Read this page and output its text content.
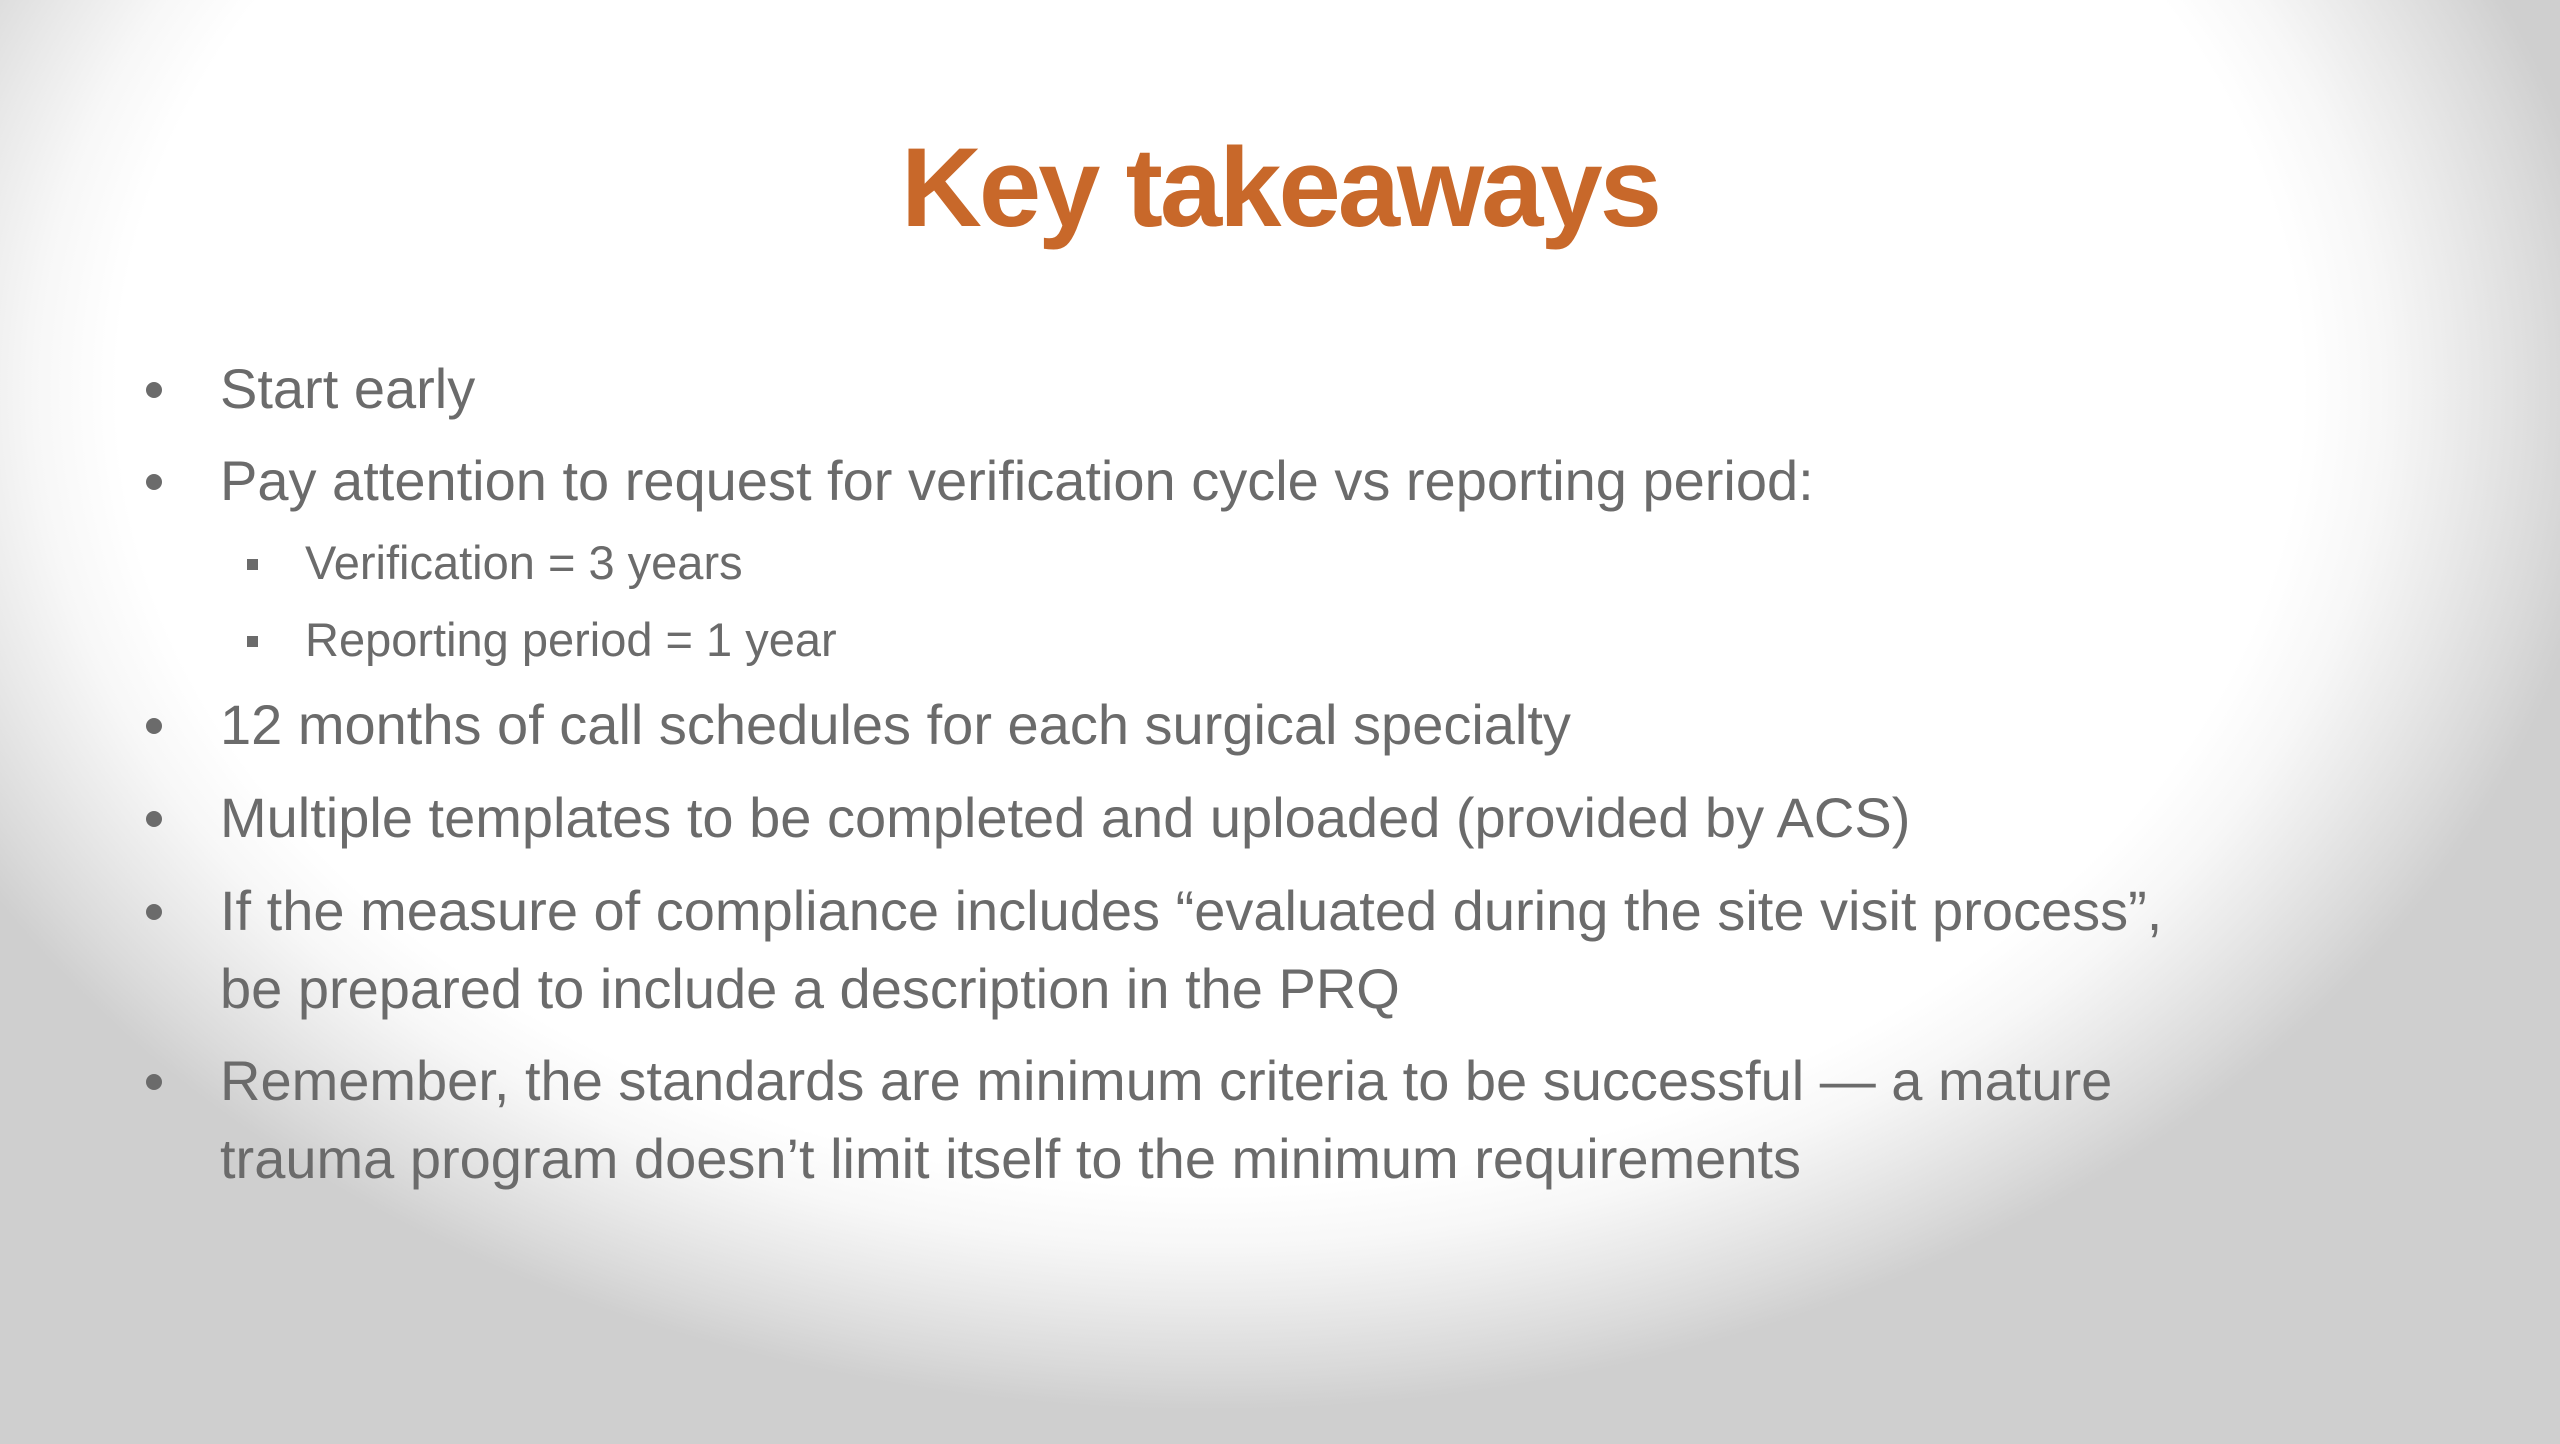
Key takeaways
Start early
Pay attention to request for verification cycle vs reporting period:
Verification = 3 years
Reporting period = 1 year
12 months of call schedules for each surgical specialty
Multiple templates to be completed and uploaded (provided by ACS)
If the measure of compliance includes “evaluated during the site visit process”,
be prepared to include a description in the PRQ
Remember, the standards are minimum criteria to be successful — a mature
trauma program doesn’t limit itself to the minimum requirements
